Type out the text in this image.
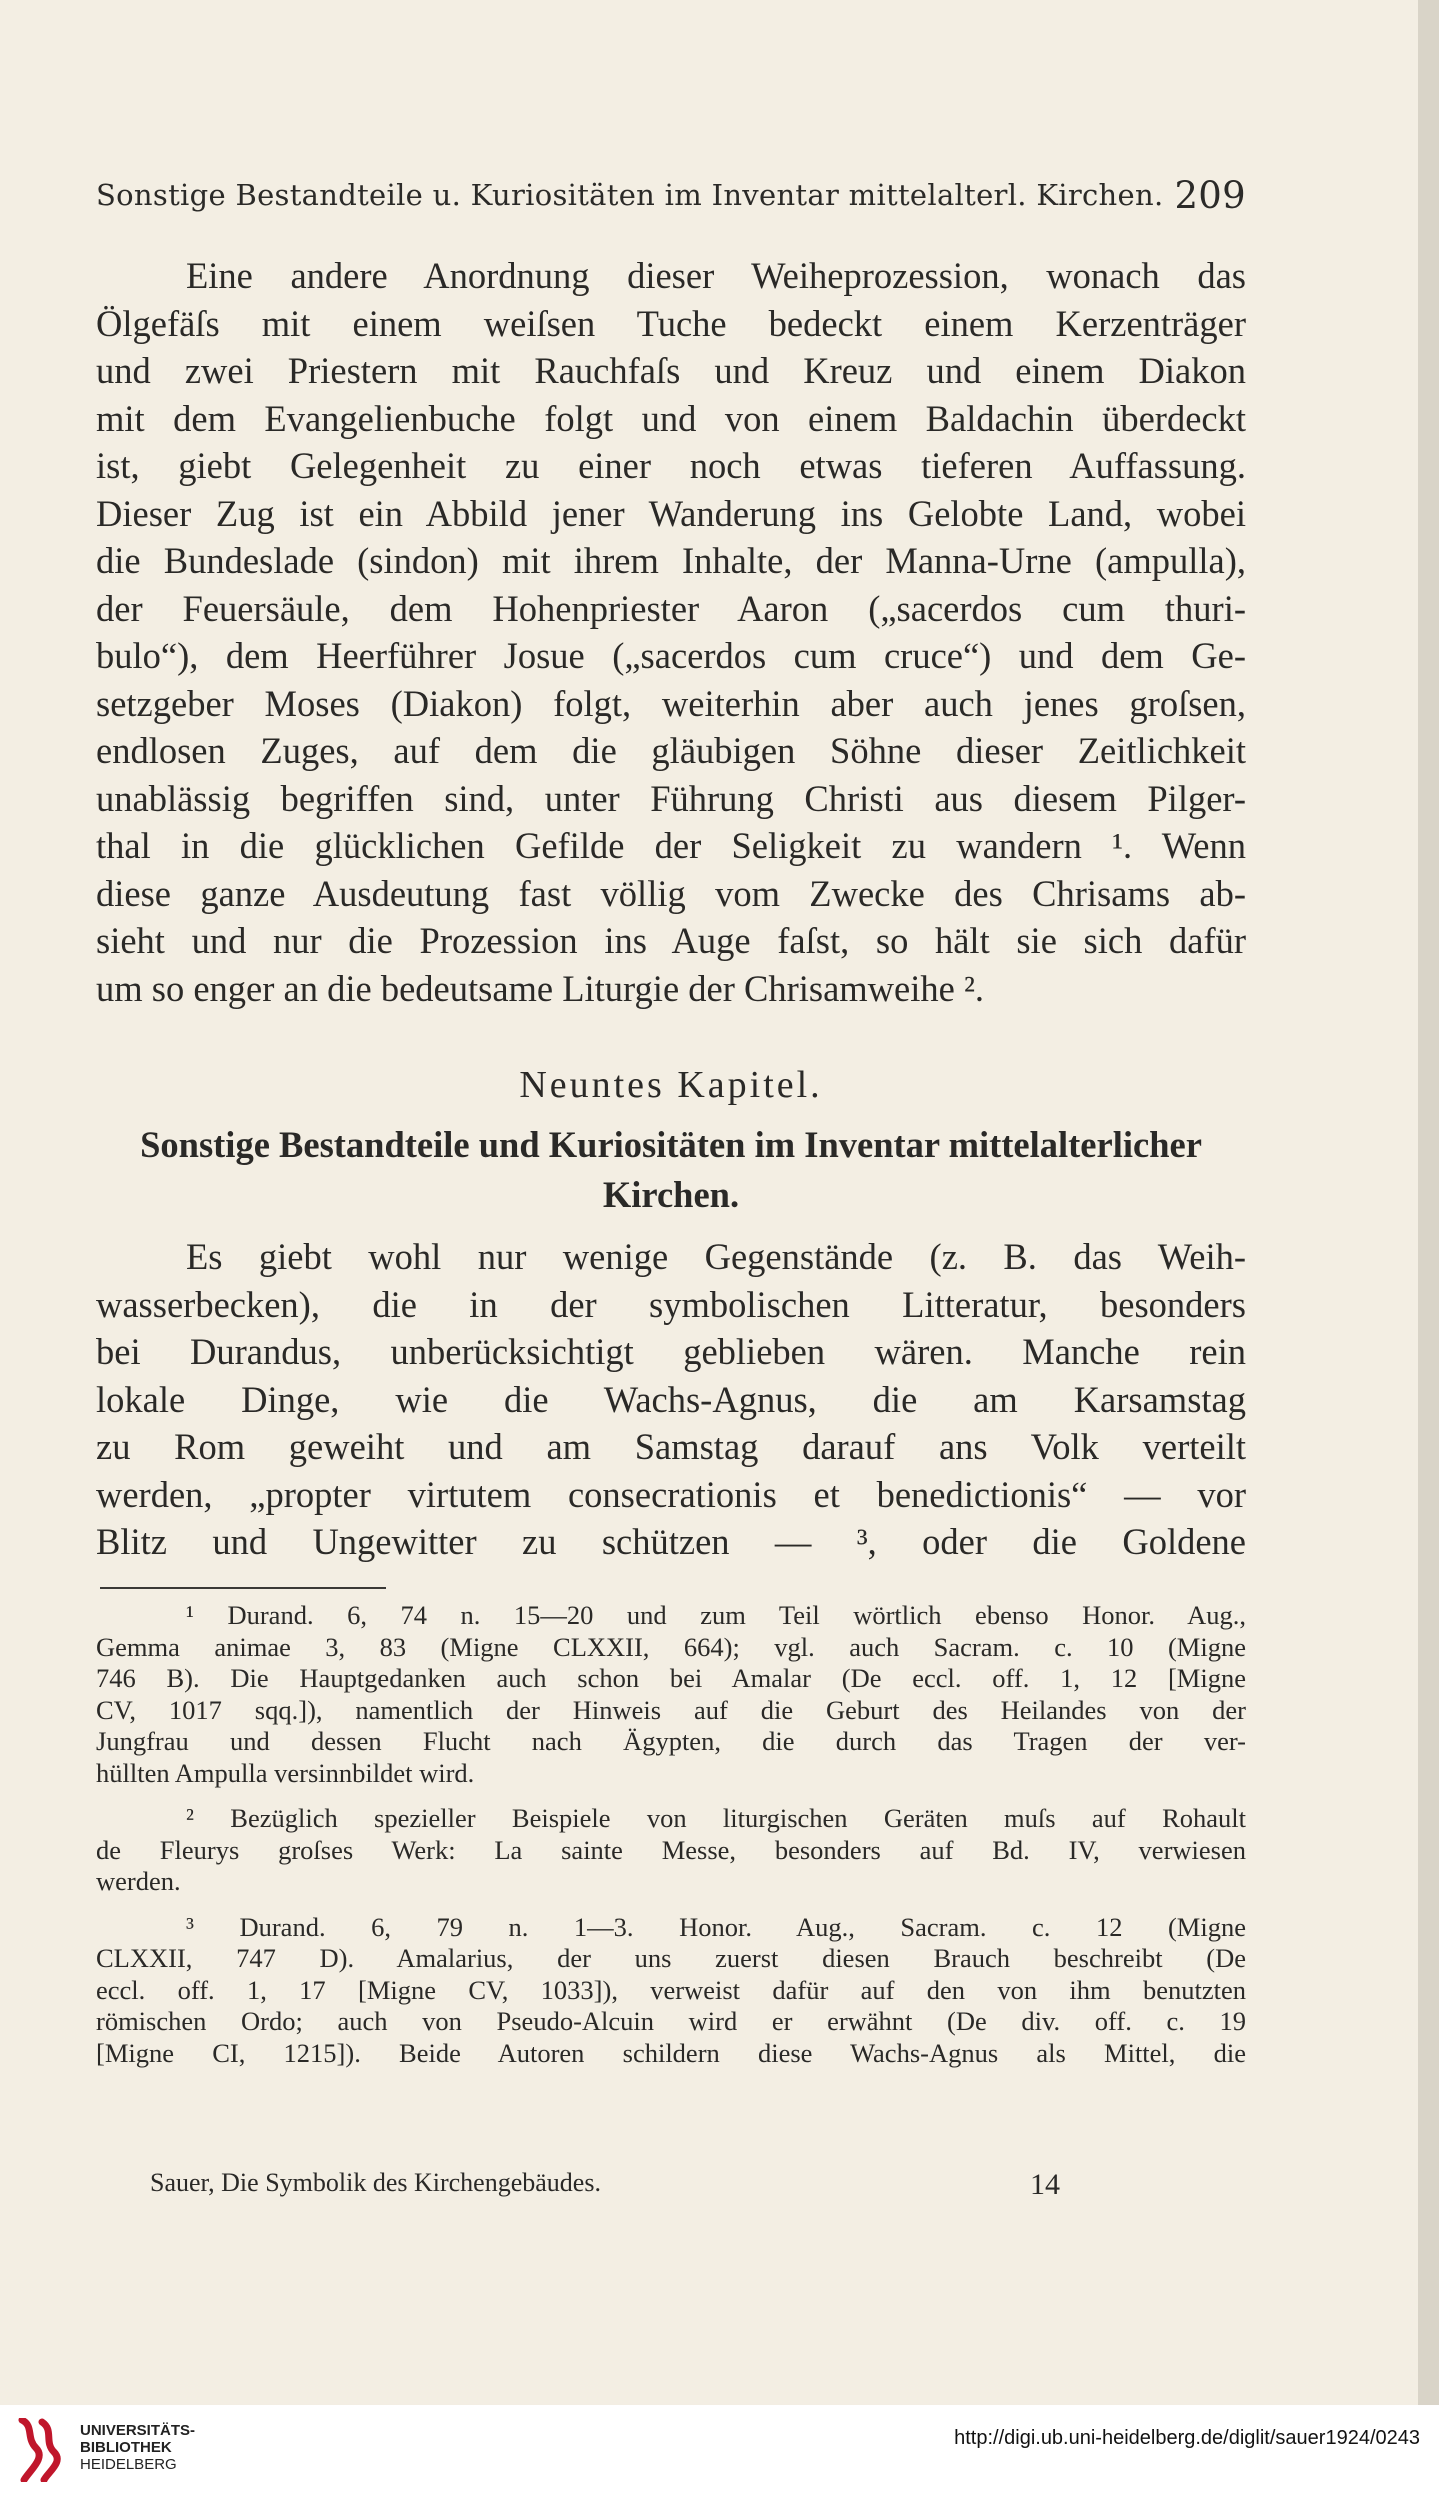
Sonstige Bestandteile u. Kuriositäten im Inventar mittelalterl. Kirchen. 209
Eine andere Anordnung dieser Weiheprozession, wonach das
Ölgefäſs mit einem weiſsen Tuche bedeckt einem Kerzenträger
und zwei Priestern mit Rauchfaſs und Kreuz und einem Diakon
mit dem Evangelienbuche folgt und von einem Baldachin überdeckt
ist, giebt Gelegenheit zu einer noch etwas tieferen Auffassung.
Dieser Zug ist ein Abbild jener Wanderung ins Gelobte Land, wobei
die Bundeslade (sindon) mit ihrem Inhalte, der Manna-Urne (ampulla),
der Feuersäule, dem Hohenpriester Aaron („sacerdos cum thuri-
bulo“), dem Heerführer Josue („sacerdos cum cruce“) und dem Ge-
setzgeber Moses (Diakon) folgt, weiterhin aber auch jenes groſsen,
endlosen Zuges, auf dem die gläubigen Söhne dieser Zeitlichkeit
unablässig begriffen sind, unter Führung Christi aus diesem Pilger-
thal in die glücklichen Gefilde der Seligkeit zu wandern ¹. Wenn
diese ganze Ausdeutung fast völlig vom Zwecke des Chrisams ab-
sieht und nur die Prozession ins Auge faſst, so hält sie sich dafür
um so enger an die bedeutsame Liturgie der Chrisamweihe ².
Neuntes Kapitel.
Sonstige Bestandteile und Kuriositäten im Inventar mittelalterlicher
Kirchen.
Es giebt wohl nur wenige Gegenstände (z. B. das Weih-
wasserbecken), die in der symbolischen Litteratur, besonders
bei Durandus, unberücksichtigt geblieben wären. Manche rein
lokale Dinge, wie die Wachs-Agnus, die am Karsamstag
zu Rom geweiht und am Samstag darauf ans Volk verteilt
werden, „propter virtutem consecrationis et benedictionis“ — vor
Blitz und Ungewitter zu schützen — ³, oder die Goldene
¹ Durand. 6, 74 n. 15—20 und zum Teil wörtlich ebenso Honor. Aug.,
Gemma animae 3, 83 (Migne CLXXII, 664); vgl. auch Sacram. c. 10 (Migne
746 B). Die Hauptgedanken auch schon bei Amalar (De eccl. off. 1, 12 [Migne
CV, 1017 sqq.]), namentlich der Hinweis auf die Geburt des Heilandes von der
Jungfrau und dessen Flucht nach Ägypten, die durch das Tragen der ver-
hüllten Ampulla versinnbildet wird.
² Bezüglich spezieller Beispiele von liturgischen Geräten muſs auf Rohault
de Fleurys groſses Werk: La sainte Messe, besonders auf Bd. IV, verwiesen
werden.
³ Durand. 6, 79 n. 1—3. Honor. Aug., Sacram. c. 12 (Migne
CLXXII, 747 D). Amalarius, der uns zuerst diesen Brauch beschreibt (De
eccl. off. 1, 17 [Migne CV, 1033]), verweist dafür auf den von ihm benutzten
römischen Ordo; auch von Pseudo-Alcuin wird er erwähnt (De div. off. c. 19
[Migne CI, 1215]). Beide Autoren schildern diese Wachs-Agnus als Mittel, die
Sauer, Die Symbolik des Kirchengebäudes.	14
UNIVERSITÄTS-
BIBLIOTHEK
HEIDELBERG
http://digi.ub.uni-heidelberg.de/diglit/sauer1924/0243
